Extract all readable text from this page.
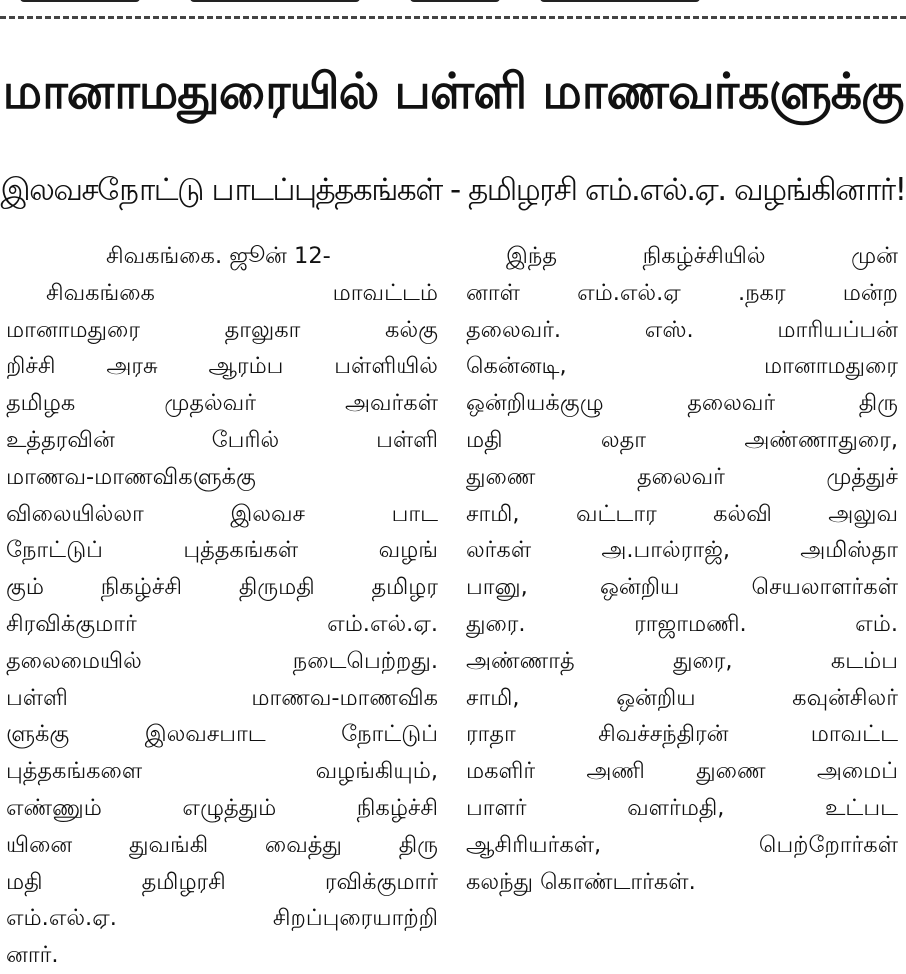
மானாமதுரையில் பள்ளி மாணவர்களுக்கு
இலவசநோட்டு பாடப்புத்தகங்கள் - தமிழரசி எம்.எல்.ஏ. வழங்கினார்!
சிவகங்கை. ஜூன் 12-
சிவகங்கை மாவட்டம்
மானாமதுரை தாலுகா கல்கு
றிச்சி அரசு ஆரம்ப பள்ளியில்
தமிழக முதல்வர் அவர்கள்
உத்தரவின் பேரில் பள்ளி
மாணவ-மாணவிகளுக்கு
விலையில்லா இலவச பாட
நோட்டுப் புத்தகங்கள் வழங்
கும் நிகழ்ச்சி திருமதி தமிழர
சிரவிக்குமார் எம்.எல்.ஏ.
தலைமையில் நடைபெற்றது.
பள்ளி மாணவ-மாணவிக
ளுக்கு இலவசபாட நோட்டுப்
புத்தகங்களை வழங்கியும்,
எண்ணும் எழுத்தும் நிகழ்ச்சி
யினை துவங்கி வைத்து திரு
மதி தமிழரசி ரவிக்குமார்
எம்.எல்.ஏ. சிறப்புரையாற்றி
னார்.
இந்த நிகழ்ச்சியில் முன்
னாள் எம்.எல்.ஏ .நகர மன்ற
தலைவர். எஸ். மாரியப்பன்
கென்னடி, மானாமதுரை
ஒன்றியக்குழு தலைவர் திரு
மதி லதா அண்ணாதுரை,
துணை தலைவர் முத்துச்
சாமி, வட்டார கல்வி அலுவ
லர்கள் அ.பால்ராஜ், அமிஸ்தா
பானு, ஒன்றிய செயலாளர்கள்
துரை. ராஜாமணி. எம்.
அண்ணாத் துரை, கடம்ப
சாமி, ஒன்றிய கவுன்சிலர்
ராதா சிவச்சந்திரன் மாவட்ட
மகளிர் அணி துணை அமைப்
பாளர் வளர்மதி, உட்பட
ஆசிரியர்கள், பெற்றோர்கள்
கலந்து கொண்டார்கள்.
